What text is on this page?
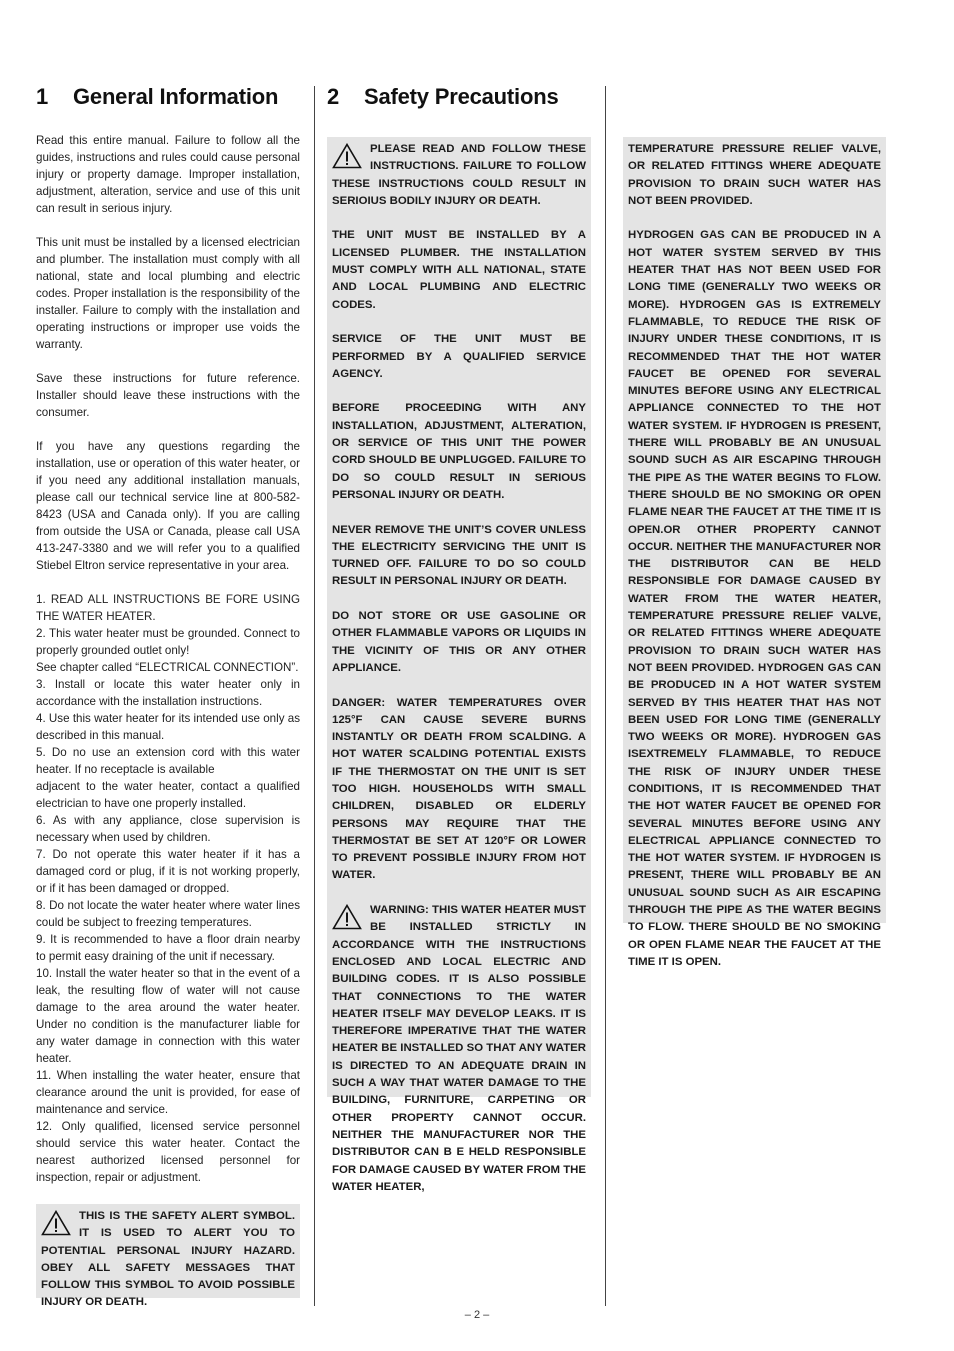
1 General Information	2 Safety Precautions

Read this entire manual. Failure to follow all the guides, instructions and rules could cause personal injury or property damage. Improper installation, adjustment, alteration, service and use of this unit can result in serious injury.

This unit must be installed by a licensed electrician and plumber. The installation must comply with all national, state and local plumbing and electric codes. Proper installation is the responsibility of the installer. Failure to comply with the installation and operating instructions or improper use voids the warranty.

Save these instructions for future reference. Installer should leave these instructions with the consumer.

If you have any questions regarding the installation, use or operation of this water heater, or if you need any additional installation manuals, please call our technical service line at 800-582-8423 (USA and Canada only). If you are calling from outside the USA or Canada, please call USA 413-247-3380 and we will refer you to a qualified Stiebel Eltron service representative in your area.

1. READ ALL INSTRUCTIONS BE FORE USING THE WATER HEATER.
2. This water heater must be grounded. Connect to properly grounded outlet only!
See chapter called “ELECTRICAL CONNECTION”.
3. Install or locate this water heater only in accordance with the installation instructions.
4. Use this water heater for its intended use only as described in this manual.
5. Do no use an extension cord with this water heater. If no receptacle is available
adjacent to the water heater, contact a qualified electrician to have one properly installed.
6. As with any appliance, close supervision is necessary when used by children.
7. Do not operate this water heater if it has a damaged cord or plug, if it is not working properly, or if it has been damaged or dropped.
8. Do not locate the water heater where water lines could be subject to freezing temperatures.
9. It is recommended to have a floor drain nearby to permit easy draining of the unit if necessary.
10. Install the water heater so that in the event of a leak, the resulting flow of water will not cause damage to the area around the water heater. Under no condition is the manufacturer liable for any water damage in connection with this water heater.
11. When installing the water heater, ensure that clearance around the unit is provided, for ease of maintenance and service.
12. Only qualified, licensed service personnel should service this water heater. Contact the nearest authorized licensed personnel for inspection, repair or adjustment.

THIS IS THE SAFETY ALERT SYMBOL. IT IS USED TO ALERT YOU TO POTENTIAL PERSONAL INJURY HAZARD. OBEY ALL SAFETY MESSAGES THAT FOLLOW THIS SYMBOL TO AVOID POSSIBLE INJURY OR DEATH.

PLEASE READ AND FOLLOW THESE INSTRUCTIONS. FAILURE TO FOLLOW THESE INSTRUCTIONS COULD RESULT IN SERIOIUS BODILY INJURY OR DEATH.

THE UNIT MUST BE INSTALLED BY A LICENSED PLUMBER. THE INSTALLATION MUST COMPLY WITH ALL NATIONAL, STATE AND LOCAL PLUMBING AND ELECTRIC CODES.

SERVICE OF THE UNIT MUST BE PERFORMED BY A QUALIFIED SERVICE AGENCY.

BEFORE PROCEEDING WITH ANY INSTALLATION, ADJUSTMENT, ALTERATION, OR SERVICE OF THIS UNIT THE POWER CORD SHOULD BE UNPLUGGED. FAILURE TO DO SO COULD RESULT IN SERIOUS PERSONAL INJURY OR DEATH.

NEVER REMOVE THE UNIT’S COVER UNLESS THE ELECTRICITY SERVICING THE UNIT IS TURNED OFF. FAILURE TO DO SO COULD RESULT IN PERSONAL INJURY OR DEATH.

DO NOT STORE OR USE GASOLINE OR OTHER FLAMMABLE VAPORS OR LIQUIDS IN THE VICINITY OF THIS OR ANY OTHER APPLIANCE.

DANGER: WATER TEMPERATURES OVER 125°F CAN CAUSE SEVERE BURNS INSTANTLY OR DEATH FROM SCALDING. A HOT WATER SCALDING POTENTIAL EXISTS IF THE THERMOSTAT ON THE UNIT IS SET TOO HIGH. HOUSEHOLDS WITH SMALL CHILDREN, DISABLED OR ELDERLY PERSONS MAY REQUIRE THAT THE THERMOSTAT BE SET AT 120°F OR LOWER TO PREVENT POSSIBLE INJURY FROM HOT WATER.

WARNING: THIS WATER HEATER MUST BE INSTALLED STRICTLY IN ACCORDANCE WITH THE INSTRUCTIONS ENCLOSED AND LOCAL ELECTRIC AND BUILDING CODES. IT IS ALSO POSSIBLE THAT CONNECTIONS TO THE WATER HEATER ITSELF MAY DEVELOP LEAKS. IT IS THEREFORE IMPERATIVE THAT THE WATER HEATER BE INSTALLED SO THAT ANY WATER IS DIRECTED TO AN ADEQUATE DRAIN IN SUCH A WAY THAT WATER DAMAGE TO THE BUILDING, FURNITURE, CARPETING OR OTHER PROPERTY CANNOT OCCUR. NEITHER THE MANUFACTURER NOR THE DISTRIBUTOR CAN B E HELD RESPONSIBLE FOR DAMAGE CAUSED BY WATER FROM THE WATER HEATER,

TEMPERATURE PRESSURE RELIEF VALVE, OR RELATED FITTINGS WHERE ADEQUATE PROVISION TO DRAIN SUCH WATER HAS NOT BEEN PROVIDED.

HYDROGEN GAS CAN BE PRODUCED IN A HOT WATER SYSTEM SERVED BY THIS HEATER THAT HAS NOT BEEN USED FOR LONG TIME (GENERALLY TWO WEEKS OR MORE). HYDROGEN GAS IS EXTREMELY FLAMMABLE, TO REDUCE THE RISK OF INJURY UNDER THESE CONDITIONS, IT IS RECOMMENDED THAT THE HOT WATER FAUCET BE OPENED FOR SEVERAL MINUTES BEFORE USING ANY ELECTRICAL APPLIANCE CONNECTED TO THE HOT WATER SYSTEM. IF HYDROGEN IS PRESENT, THERE WILL PROBABLY BE AN UNUSUAL SOUND SUCH AS AIR ESCAPING THROUGH THE PIPE AS THE WATER BEGINS TO FLOW. THERE SHOULD BE NO SMOKING OR OPEN FLAME NEAR THE FAUCET AT THE TIME IT IS OPEN.OR OTHER PROPERTY CANNOT OCCUR. NEITHER THE MANUFACTURER NOR THE DISTRIBUTOR CAN BE HELD RESPONSIBLE FOR DAMAGE CAUSED BY WATER FROM THE WATER HEATER, TEMPERATURE PRESSURE RELIEF VALVE, OR RELATED FITTINGS WHERE ADEQUATE PROVISION TO DRAIN SUCH WATER HAS NOT BEEN PROVIDED. HYDROGEN GAS CAN BE PRODUCED IN A HOT WATER SYSTEM SERVED BY THIS HEATER THAT HAS NOT BEEN USED FOR LONG TIME (GENERALLY TWO WEEKS OR MORE). HYDROGEN GAS ISEXTREMELY FLAMMABLE, TO REDUCE THE RISK OF INJURY UNDER THESE CONDITIONS, IT IS RECOMMENDED THAT THE HOT WATER FAUCET BE OPENED FOR SEVERAL MINUTES BEFORE USING ANY ELECTRICAL APPLIANCE CONNECTED TO THE HOT WATER SYSTEM. IF HYDROGEN IS PRESENT, THERE WILL PROBABLY BE AN UNUSUAL SOUND SUCH AS AIR ESCAPING THROUGH THE PIPE AS THE WATER BEGINS TO FLOW. THERE SHOULD BE NO SMOKING OR OPEN FLAME NEAR THE FAUCET AT THE TIME IT IS OPEN.

– 2 –
